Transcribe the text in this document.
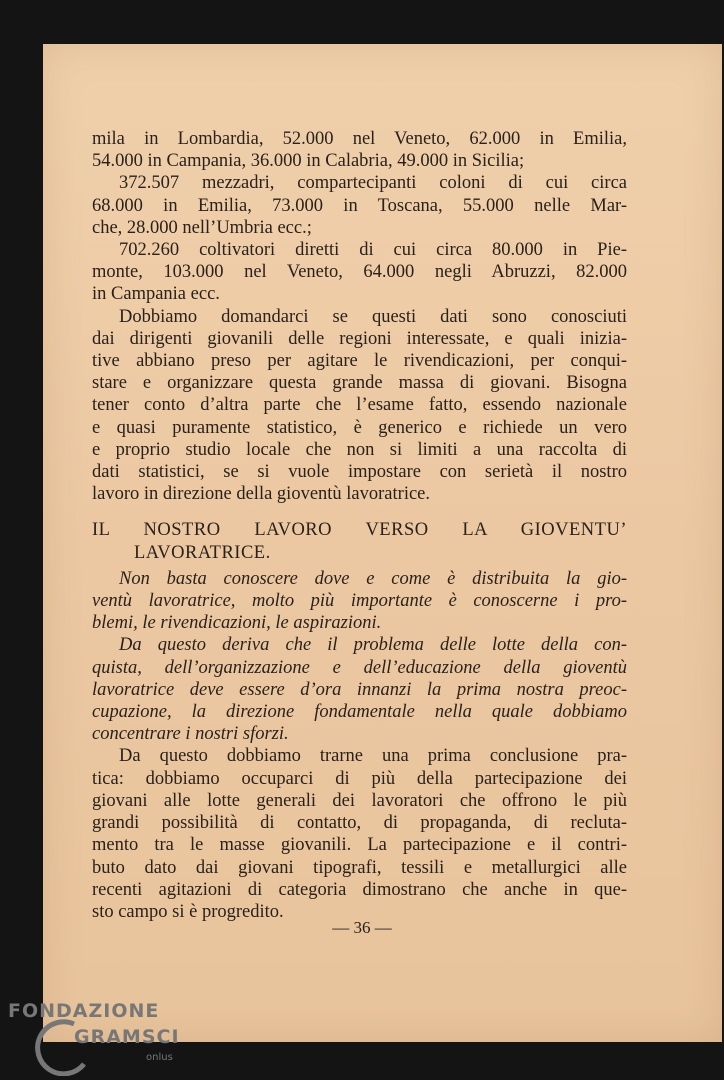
mila in Lombardia, 52.000 nel Veneto, 62.000 in Emilia,

54.000 in Campania, 36.000 in Calabria, 49.000 in Sicilia;

372.507 mezzadri, compartecipanti coloni di cui circa

68.000 in Emilia, 73.000 in Toscana, 55.000 nelle Mar-

che, 28.000 nell’Umbria ecc.;

702.260 coltivatori diretti di cui circa 80.000 in Pie-

monte, 103.000 nel Veneto, 64.000 negli Abruzzi, 82.000

in Campania ecc.

Dobbiamo domandarci se questi dati sono conosciuti

dai dirigenti giovanili delle regioni interessate, e quali inizia-

tive abbiano preso per agitare le rivendicazioni, per conqui-

stare e organizzare questa grande massa di giovani. Bisogna

tener conto d’altra parte che l’esame fatto, essendo nazionale

e quasi puramente statistico, è generico e richiede un vero

e proprio studio locale che non si limiti a una raccolta di

dati statistici, se si vuole impostare con serietà il nostro

lavoro in direzione della gioventù lavoratrice.

IL NOSTRO LAVORO VERSO LA GIOVENTU’

LAVORATRICE.

Non basta conoscere dove e come è distribuita la gio-

ventù lavoratrice, molto più importante è conoscerne i pro-

blemi, le rivendicazioni, le aspirazioni.

Da questo deriva che il problema delle lotte della con-

quista, dell’organizzazione e dell’educazione della gioventù

lavoratrice deve essere d’ora innanzi la prima nostra preoc-

cupazione, la direzione fondamentale nella quale dobbiamo

concentrare i nostri sforzi.

Da questo dobbiamo trarne una prima conclusione pra-

tica: dobbiamo occuparci di più della partecipazione dei

giovani alle lotte generali dei lavoratori che offrono le più

grandi possibilità di contatto, di propaganda, di recluta-

mento tra le masse giovanili. La partecipazione e il contri-

buto dato dai giovani tipografi, tessili e metallurgici alle

recenti agitazioni di categoria dimostrano che anche in que-

sto campo si è progredito.

— 36 —
FONDAZIONE
GRAMSCI
onlus
